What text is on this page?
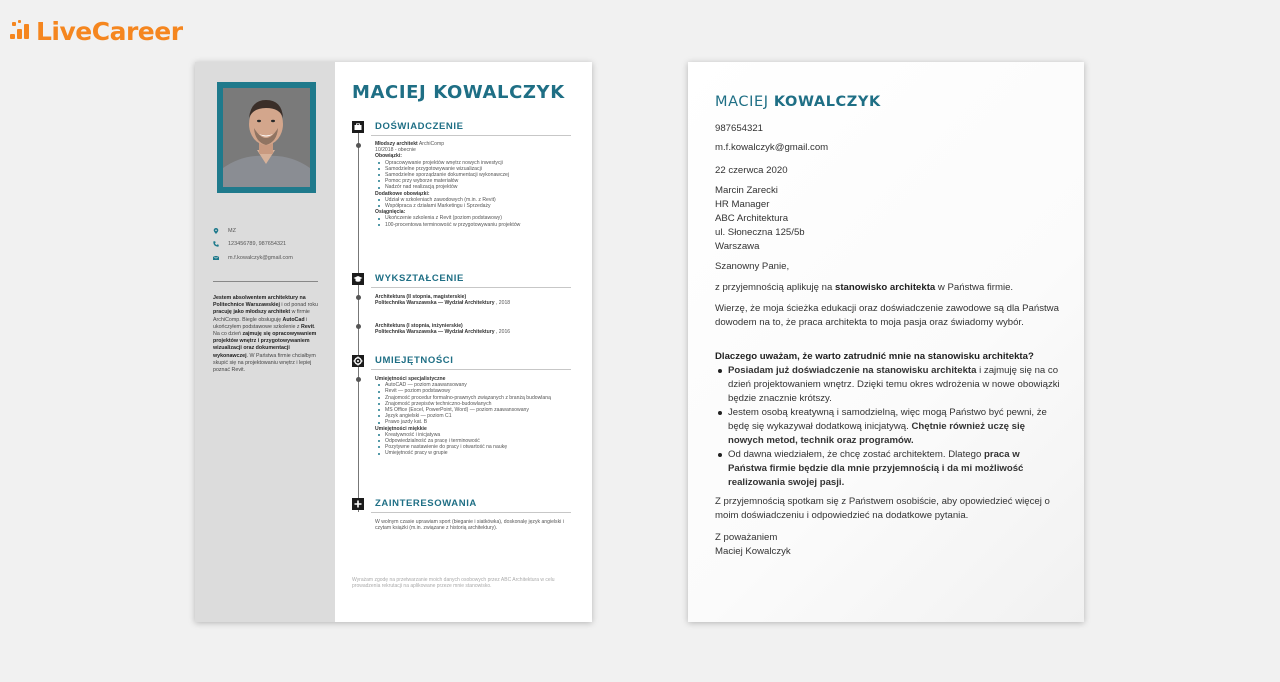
LiveCareer
MZ
123456789, 987654321
m.f.kowalczyk@gmail.com
Jestem absolwentem architektury na Politechnice Warszawskiej i od ponad roku pracuję jako młodszy architekt w firmie ArchiComp. Biegle obsługuję AutoCad i ukończyłem podstawowe szkolenie z Revit. Na co dzień zajmuję się opracowywaniem projektów wnętrz i przygotowywaniem wizualizacji oraz dokumentacji wykonawczej. W Państwa firmie chciałbym skupić się na projektowaniu wnętrz i lepiej poznać Revit.
MACIEJ KOWALCZYK
DOŚWIADCZENIE
Młodszy architekt ArchiComp
10/2018 - obecnie
Obowiązki:
Opracowywanie projektów wnętrz nowych inwestycji
Samodzielne przygotowywanie wizualizacji
Samodzielne sporządzanie dokumentacji wykonawczej
Pomoc przy wyborze materiałów
Nadzór nad realizacją projektów
Dodatkowe obowiązki:
Udział w szkoleniach zawodowych (m.in. z Revit)
Współpraca z działami Marketingu i Sprzedaży
Osiągnięcia:
Ukończenie szkolenia z Revit (poziom podstawowy)
100-procentowa terminowość w przygotowywaniu projektów
WYKSZTAŁCENIE
Architektura (II stopnia, magisterskie)
Politechnika Warszawska — Wydział Architektury , 2018
Architektura (I stopnia, inżynierskie)
Politechnika Warszawska — Wydział Architektury , 2016
UMIEJĘTNOŚCI
Umiejętności specjalistyczne
AutoCAD — poziom zaawansowany
Revit — poziom podstawowy
Znajomość procedur formalno-prawnych związanych z branżą budowlaną
Znajomość przepisów techniczno-budowlanych
MS Office (Excel, PowerPoint, Word) — poziom zaawansowany
Język angielski — poziom C1
Prawo jazdy kat. B
Umiejętności miękkie
Kreatywność i inicjatywa
Odpowiedzialność za pracę i terminowość
Pozytywne nastawienie do pracy i otwartość na naukę
Umiejętność pracy w grupie
ZAINTERESOWANIA
W wolnym czasie uprawiam sport (bieganie i siatkówka), doskonalę język angielski i czytam książki (m.in. związane z historią architektury).
Wyrażam zgodę na przetwarzanie moich danych osobowych przez ABC Architektura w celu prowadzenia rekrutacji na aplikowane przeze mnie stanowisko.
MACIEJ KOWALCZYK
987654321
m.f.kowalczyk@gmail.com
22 czerwca 2020
Marcin Zarecki
HR Manager
ABC Architektura
ul. Słoneczna 125/5b
Warszawa
Szanowny Panie,
z przyjemnością aplikuję na stanowisko architekta w Państwa firmie.
Wierzę, że moja ścieżka edukacji oraz doświadczenie zawodowe są dla Państwa dowodem na to, że praca architekta to moja pasja oraz świadomy wybór.
Dlaczego uważam, że warto zatrudnić mnie na stanowisku architekta?
Posiadam już doświadczenie na stanowisku architekta i zajmuję się na co dzień projektowaniem wnętrz. Dzięki temu okres wdrożenia w nowe obowiązki będzie znacznie krótszy.
Jestem osobą kreatywną i samodzielną, więc mogą Państwo być pewni, że będę się wykazywał dodatkową inicjatywą. Chętnie również uczę się nowych metod, technik oraz programów.
Od dawna wiedziałem, że chcę zostać architektem. Dlatego praca w Państwa firmie będzie dla mnie przyjemnością i da mi możliwość realizowania swojej pasji.
Z przyjemnością spotkam się z Państwem osobiście, aby opowiedzieć więcej o moim doświadczeniu i odpowiedzieć na dodatkowe pytania.
Z poważaniem
Maciej Kowalczyk
